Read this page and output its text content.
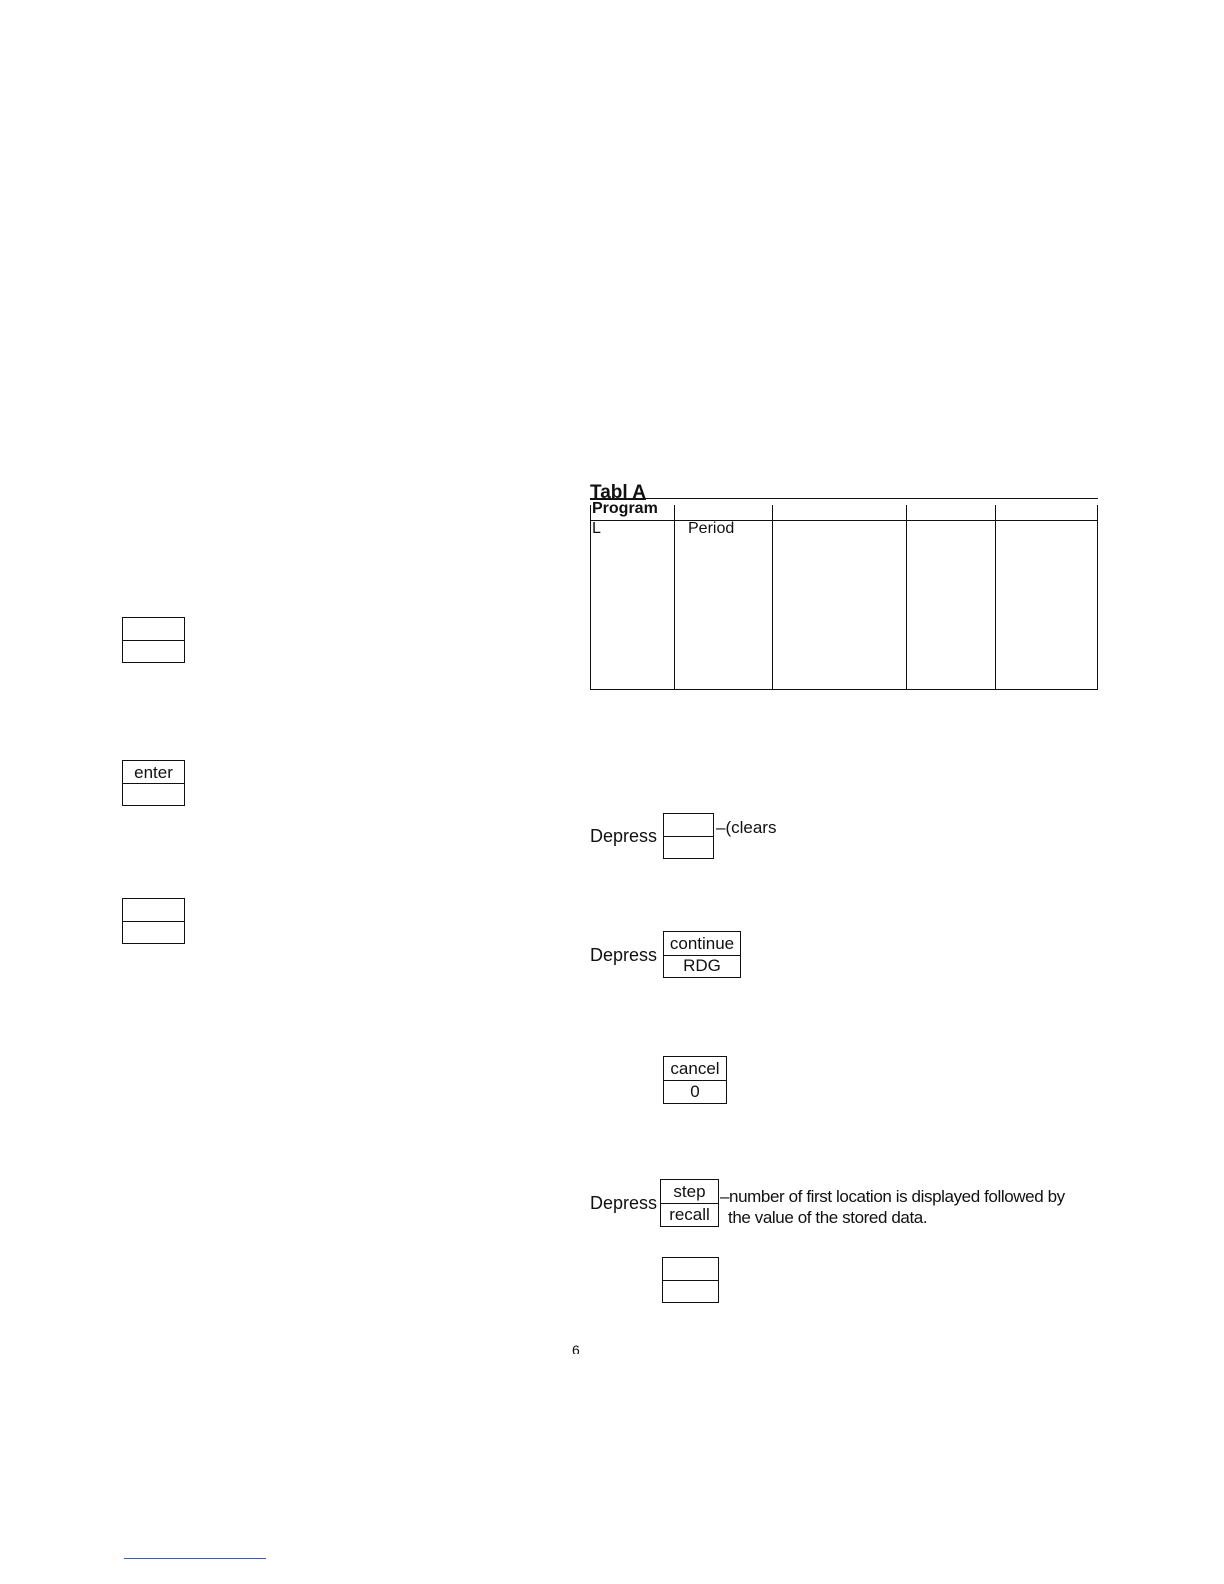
Tabl A
Program
L	Period
enter
Depress	–(clears
Depress
continue
RDG
cancel
0
Depress
step
recall
–number of first location is displayed followed by
the value of the stored data.
6
